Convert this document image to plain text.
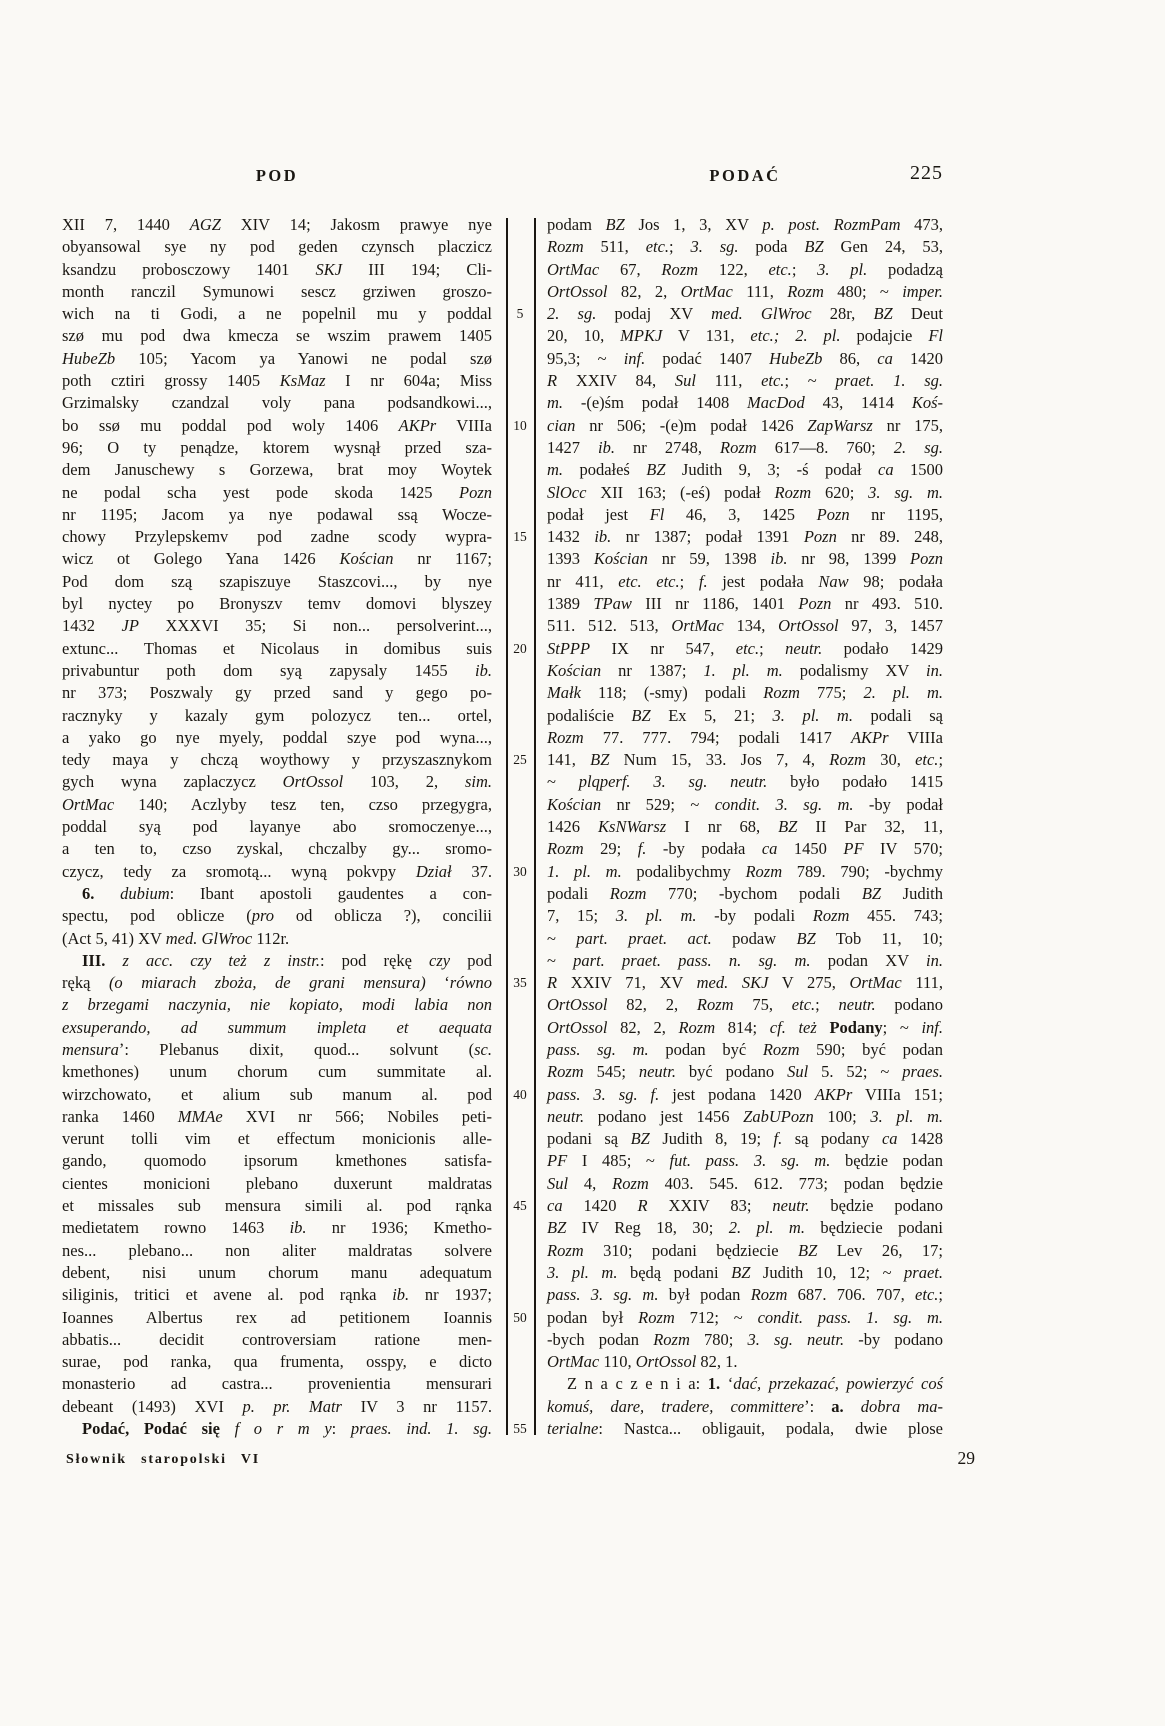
POD	PODAĆ	225
5
10
15
20
25
30
35
40
45
50
55
XII 7, 1440 AGZ XIV 14; Jakosm prawye nye
obyansowal sye ny pod geden czynsch placzicz
ksandzu probosczowy 1401 SKJ III 194; Cli-
month ranczil Symunowi sescz grziwen groszo-
wich na ti Godi, a ne popelnil mu y poddal
szø mu pod dwa kmecza se wszim prawem 1405
HubeZb 105; Yacom ya Yanowi ne podal szø
poth cztiri grossy 1405 KsMaz I nr 604a; Miss
Grzimalsky czandzal voly pana podsandkowi...,
bo ssø mu poddal pod woly 1406 AKPr VIIIa
96; O ty penądze, ktorem wysnął przed sza-
dem Januschewy s Gorzewa, brat moy Woytek
ne podal scha yest pode skoda 1425 Pozn
nr 1195; Jacom ya nye podawal ssą Wocze-
chowy Przylepskemv pod zadne scody wypra-
wicz ot Golego Yana 1426 Kościan nr 1167;
Pod dom szą szapiszuye Staszcovi..., by nye
byl nyctey po Bronyszv temv domovi blyszey
1432 JP XXXVI 35; Si non... persolverint...,
extunc... Thomas et Nicolaus in domibus suis
privabuntur poth dom syą zapysaly 1455 ib.
nr 373; Poszwaly gy przed sand y gego po-
racznyky y kazaly gym polozycz ten... ortel,
a yako go nye myely, poddal szye pod wyna...,
tedy maya y chczą woythowy y przyszasznykom
gych wyna zaplaczycz OrtOssol 103, 2, sim.
OrtMac 140; Aczlyby tesz ten, czso przegygra,
poddal syą pod layanye abo sromoczenye...,
a ten to, czso zyskal, chczalby gy... sromo-
czycz, tedy za sromotą... wyną pokvpy Dział 37.
6. dubium: Ibant apostoli gaudentes a con-
spectu, pod oblicze (pro od oblicza ?), concilii
(Act 5, 41) XV med. GlWroc 112r.
III. z acc. czy też z instr.: pod rękę czy pod
ręką (o miarach zboża, de grani mensura) ʻrówno
z brzegami naczynia, nie kopiato, modi labia non
exsuperando, ad summum impleta et aequata
mensuraʼ: Plebanus dixit, quod... solvunt (sc.
kmethones) unum chorum cum summitate al.
wirzchowato, et alium sub manum al. pod
ranka 1460 MMAe XVI nr 566; Nobiles peti-
verunt tolli vim et effectum monicionis alle-
gando, quomodo ipsorum kmethones satisfa-
cientes monicioni plebano duxerunt maldratas
et missales sub mensura simili al. pod rąnka
medietatem rowno 1463 ib. nr 1936; Kmetho-
nes... plebano... non aliter maldratas solvere
debent, nisi unum chorum manu adequatum
siliginis, tritici et avene al. pod rąnka ib. nr 1937;
Ioannes Albertus rex ad petitionem Ioannis
abbatis... decidit controversiam ratione men-
surae, pod ranka, qua frumenta, osspy, e dicto
monasterio ad castra... provenientia mensurari
debeant (1493) XVI p. pr. Matr IV 3 nr 1157.
Podać, Podać się f o r m y: praes. ind. 1. sg.
podam BZ Jos 1, 3, XV p. post. RozmPam 473,
Rozm 511, etc.; 3. sg. poda BZ Gen 24, 53,
OrtMac 67, Rozm 122, etc.; 3. pl. podadzą
OrtOssol 82, 2, OrtMac 111, Rozm 480; ~ imper.
2. sg. podaj XV med. GlWroc 28r, BZ Deut
20, 10, MPKJ V 131, etc.; 2. pl. podajcie Fl
95,3; ~ inf. podać 1407 HubeZb 86, ca 1420
R XXIV 84, Sul 111, etc.; ~ praet. 1. sg.
m. -(e)śm podał 1408 MacDod 43, 1414 Koś-
cian nr 506; -(e)m podał 1426 ZapWarsz nr 175,
1427 ib. nr 2748, Rozm 617—8. 760; 2. sg.
m. podałeś BZ Judith 9, 3; -ś podał ca 1500
SlOcc XII 163; (-eś) podał Rozm 620; 3. sg. m.
podał jest Fl 46, 3, 1425 Pozn nr 1195,
1432 ib. nr 1387; podał 1391 Pozn nr 89. 248,
1393 Kościan nr 59, 1398 ib. nr 98, 1399 Pozn
nr 411, etc. etc.; f. jest podała Naw 98; podała
1389 TPaw III nr 1186, 1401 Pozn nr 493. 510.
511. 512. 513, OrtMac 134, OrtOssol 97, 3, 1457
StPPP IX nr 547, etc.; neutr. podało 1429
Kościan nr 1387; 1. pl. m. podalismy XV in.
Małk 118; (-smy) podali Rozm 775; 2. pl. m.
podaliście BZ Ex 5, 21; 3. pl. m. podali są
Rozm 77. 777. 794; podali 1417 AKPr VIIIa
141, BZ Num 15, 33. Jos 7, 4, Rozm 30, etc.;
~ plqperf. 3. sg. neutr. było podało 1415
Kościan nr 529; ~ condit. 3. sg. m. -by podał
1426 KsNWarsz I nr 68, BZ II Par 32, 11,
Rozm 29; f. -by podała ca 1450 PF IV 570;
1. pl. m. podalibychmy Rozm 789. 790; -bychmy
podali Rozm 770; -bychom podali BZ Judith
7, 15; 3. pl. m. -by podali Rozm 455. 743;
~ part. praet. act. podaw BZ Tob 11, 10;
~ part. praet. pass. n. sg. m. podan XV in.
R XXIV 71, XV med. SKJ V 275, OrtMac 111,
OrtOssol 82, 2, Rozm 75, etc.; neutr. podano
OrtOssol 82, 2, Rozm 814; cf. też Podany; ~ inf.
pass. sg. m. podan być Rozm 590; być podan
Rozm 545; neutr. być podano Sul 5. 52; ~ praes.
pass. 3. sg. f. jest podana 1420 AKPr VIIIa 151;
neutr. podano jest 1456 ZabUPozn 100; 3. pl. m.
podani są BZ Judith 8, 19; f. są podany ca 1428
PF I 485; ~ fut. pass. 3. sg. m. będzie podan
Sul 4, Rozm 403. 545. 612. 773; podan będzie
ca 1420 R XXIV 83; neutr. będzie podano
BZ IV Reg 18, 30; 2. pl. m. będziecie podani
Rozm 310; podani będziecie BZ Lev 26, 17;
3. pl. m. będą podani BZ Judith 10, 12; ~ praet.
pass. 3. sg. m. był podan Rozm 687. 706. 707, etc.;
podan był Rozm 712; ~ condit. pass. 1. sg. m.
-bych podan Rozm 780; 3. sg. neutr. -by podano
OrtMac 110, OrtOssol 82, 1.
Z n a c z e n i a: 1. ʻdać, przekazać, powierzyć coś
komuś, dare, tradere, committereʼ: a. dobra ma-
terialne: Nastca... obligauit, podala, dwie plose
Słownik staropolski VI	29
